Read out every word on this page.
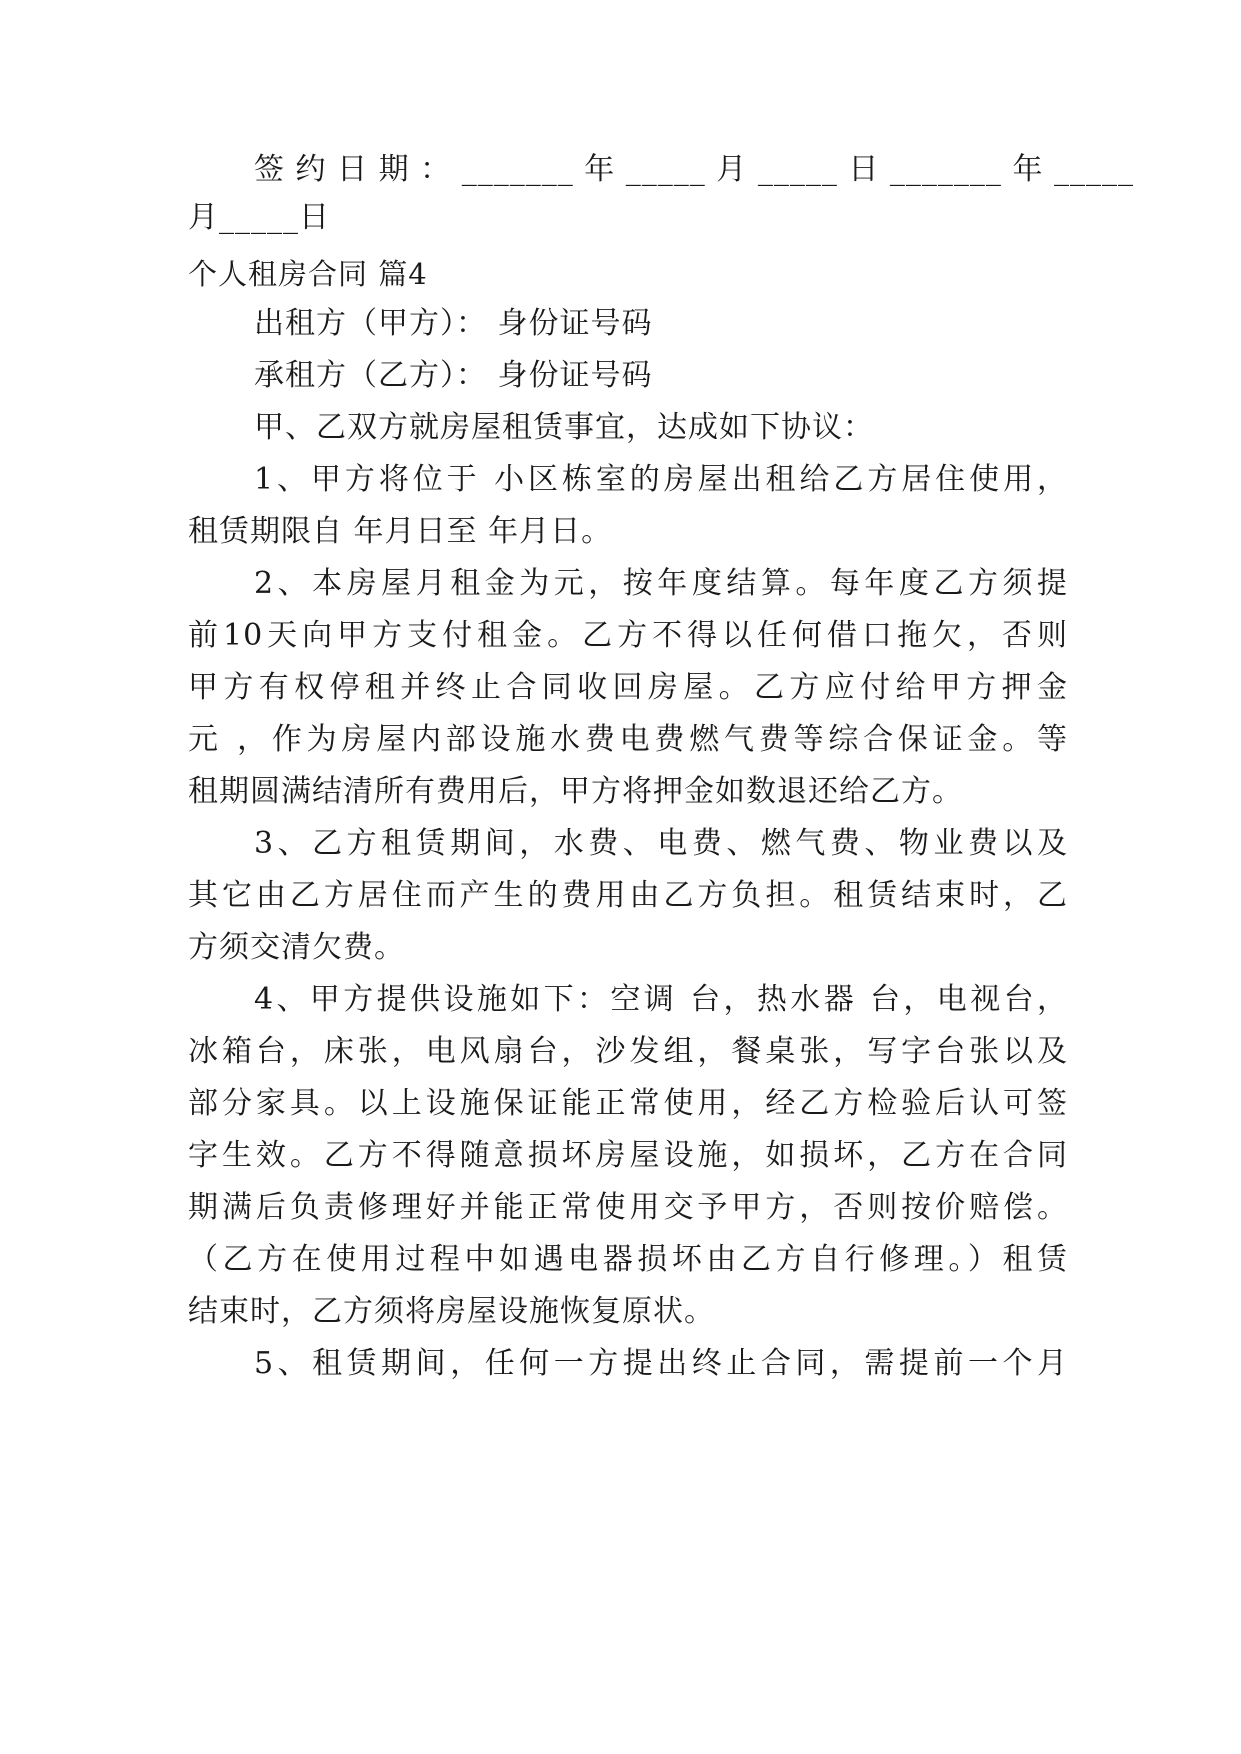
签约日期：_______年_____月_____日_______年_____
月_____日
个人租房合同 篇4
出租方（甲方）： 身份证号码
承租方（乙方）： 身份证号码
甲、乙双方就房屋租赁事宜，达成如下协议：
1、甲方将位于 小区栋室的房屋出租给乙方居住使用，
租赁期限自 年月日至 年月日。
2、本房屋月租金为元，按年度结算。每年度乙方须提
前10天向甲方支付租金。乙方不得以任何借口拖欠，否则
甲方有权停租并终止合同收回房屋。乙方应付给甲方押金
元 ，作为房屋内部设施水费电费燃气费等综合保证金。等
租期圆满结清所有费用后，甲方将押金如数退还给乙方。
3、乙方租赁期间，水费、电费、燃气费、物业费以及
其它由乙方居住而产生的费用由乙方负担。租赁结束时，乙
方须交清欠费。
4、甲方提供设施如下：空调 台，热水器 台，电视台，
冰箱台，床张，电风扇台，沙发组，餐桌张，写字台张以及
部分家具。以上设施保证能正常使用，经乙方检验后认可签
字生效。乙方不得随意损坏房屋设施，如损坏，乙方在合同
期满后负责修理好并能正常使用交予甲方，否则按价赔偿。
（乙方在使用过程中如遇电器损坏由乙方自行修理。）租赁
结束时，乙方须将房屋设施恢复原状。
5、租赁期间，任何一方提出终止合同，需提前一个月
